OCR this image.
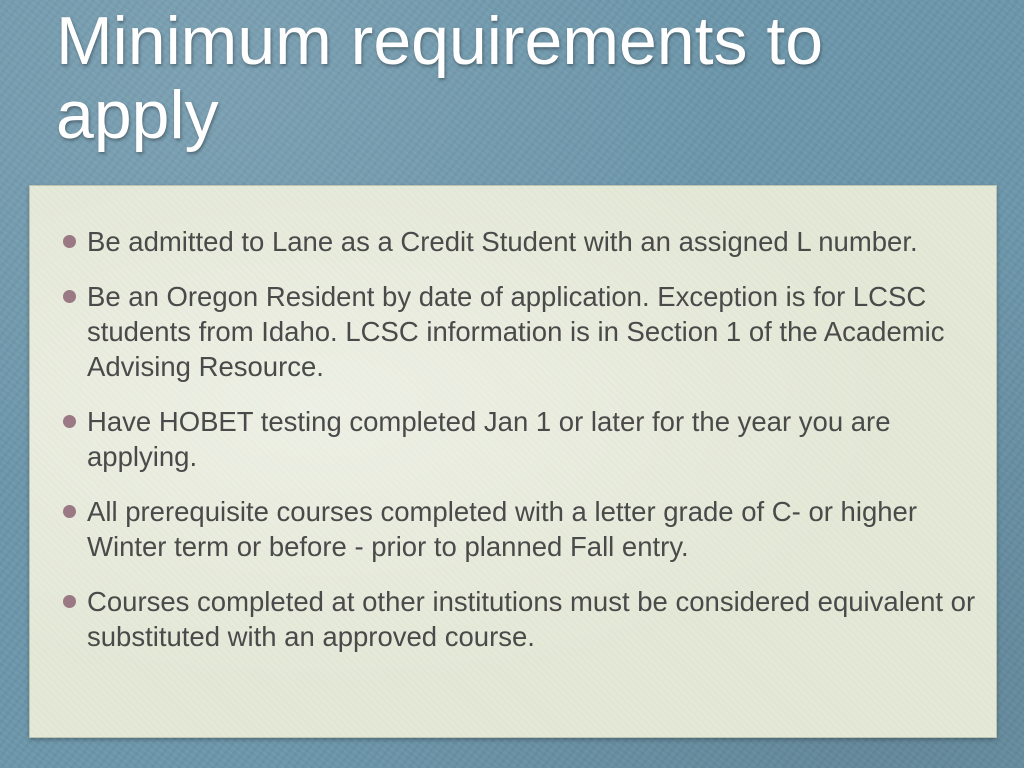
Minimum requirements to apply
Be admitted to Lane as a Credit Student with an assigned L number.
Be an Oregon Resident by date of application. Exception is for LCSC students from Idaho. LCSC information is in Section 1 of the Academic Advising Resource.
Have HOBET testing completed Jan 1 or later for the year you are applying.
All prerequisite courses completed with a letter grade of C- or higher Winter term or before - prior to planned Fall entry.
Courses completed at other institutions must be considered equivalent or substituted with an approved course.
